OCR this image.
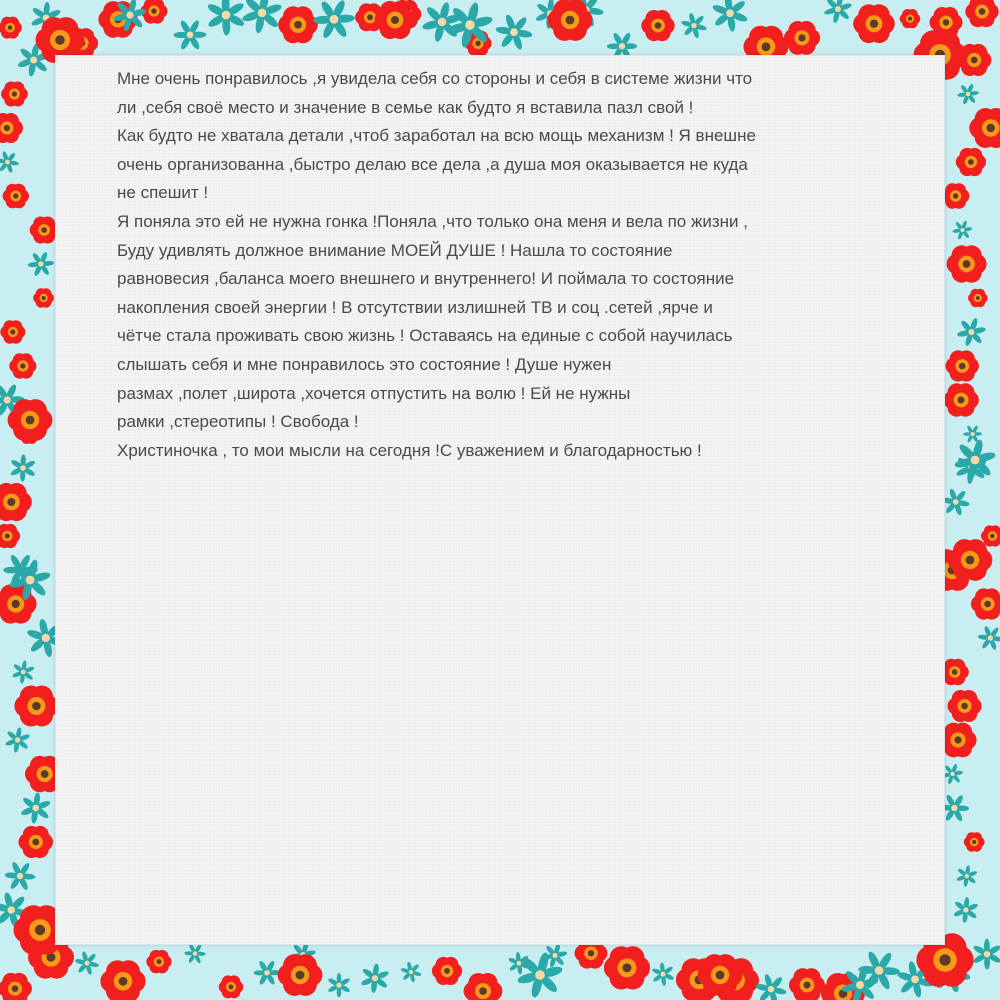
Мне очень понравилось ,я увидела себя со стороны и себя в системе жизни что
ли ,себя своё место и значение в семье как будто я вставила пазл свой !
Как будто не хватала детали ,чтоб заработал на всю мощь механизм ! Я внешне
очень организованна ,быстро делаю все дела ,а душа моя оказывается не куда
не спешит !
Я поняла это ей не нужна гонка !Поняла ,что только она меня и вела по жизни ,
Буду удивлять должное внимание МОЕЙ ДУШЕ ! Нашла то состояние
равновесия ,баланса моего внешнего и внутреннего! И поймала то состояние
накопления своей энергии ! В отсутствии излишней ТВ и соц .сетей ,ярче и
чётче стала проживать свою жизнь ! Оставаясь на единые с собой научилась
слышать себя и мне понравилось это состояние ! Душе нужен
размах ,полет ,широта ,хочется отпустить на волю ! Ей не нужны
рамки ,стереотипы ! Свобода !
Христиночка , то мои мысли на сегодня !С уважением и благодарностью !
